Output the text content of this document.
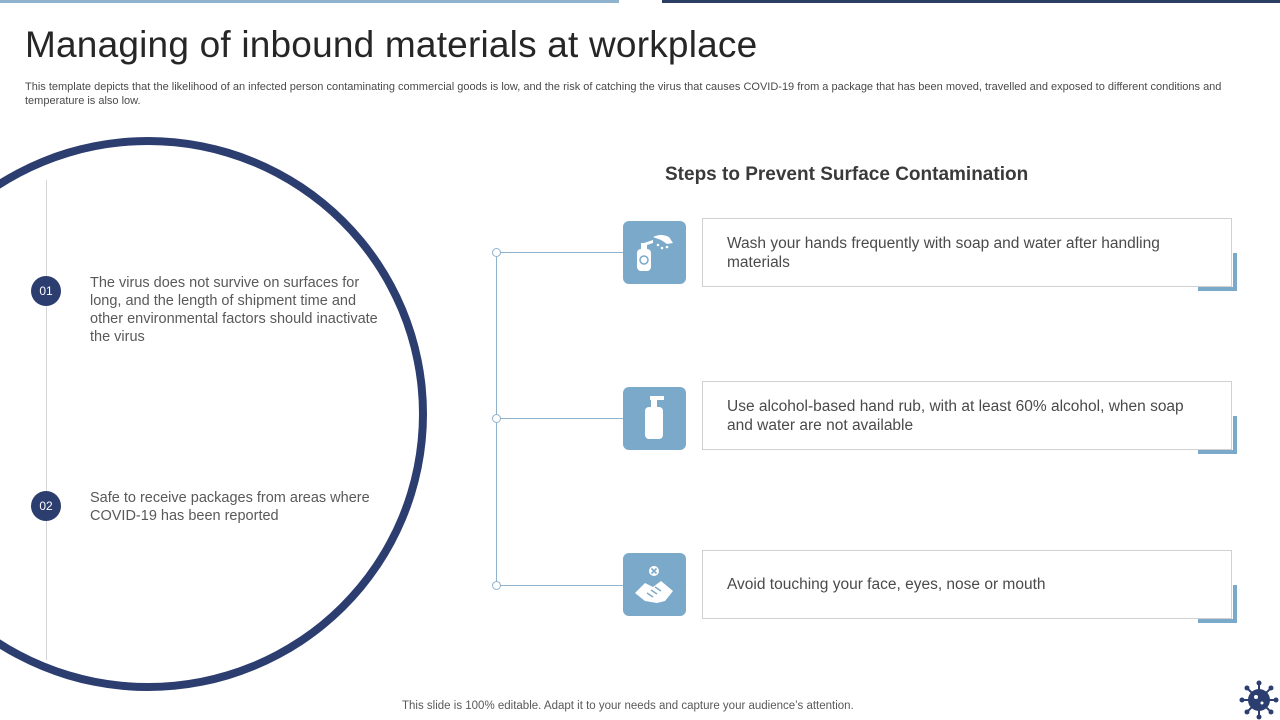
Managing of inbound materials at workplace
This template depicts that the likelihood of an infected person contaminating commercial goods is low, and the risk of catching the virus that causes COVID-19 from a package that has been moved, travelled and exposed to different conditions and temperature is also low.
01	The virus does not survive on surfaces for long, and the length of shipment time and other environmental factors should inactivate the virus
02	Safe to receive packages from areas where COVID-19 has been reported
Steps to Prevent Surface Contamination
Wash your hands frequently with soap and water after handling materials
Use alcohol-based hand rub, with at least 60% alcohol, when soap and water are not available
Avoid touching your face, eyes, nose or mouth
This slide is 100% editable. Adapt it to your needs and capture your audience’s attention.
